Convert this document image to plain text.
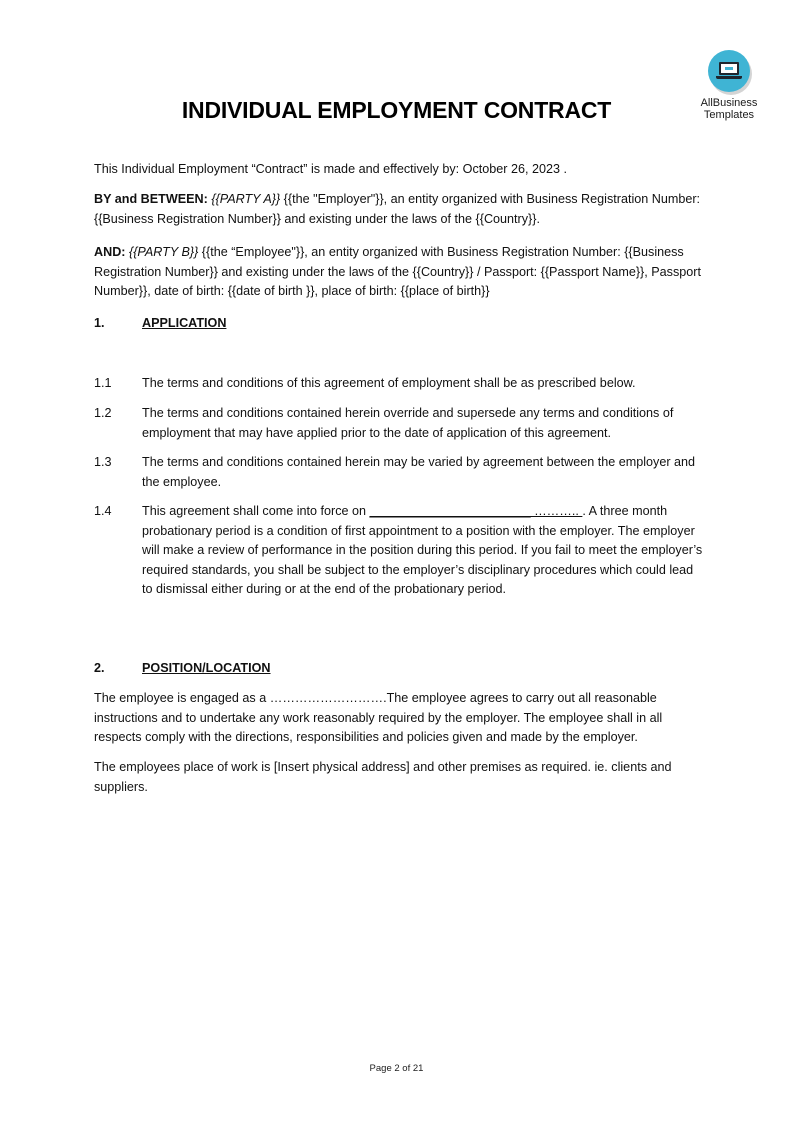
AllBusiness
Templates
INDIVIDUAL EMPLOYMENT CONTRACT
This Individual Employment “Contract” is made and effectively by: October 26, 2023 .
BY and BETWEEN: {{PARTY A}} {{the "Employer"}}, an entity organized with Business Registration Number: {{Business Registration Number}} and existing under the laws of the {{Country}}.
AND: {{PARTY B}} {{the “Employee"}}, an entity organized with Business Registration Number: {{Business Registration Number}} and existing under the laws of the {{Country}} / Passport: {{Passport Name}}, Passport Number}}, date of birth: {{date of birth }}, place of birth: {{place of birth}}
1.	APPLICATION
1.1 The terms and conditions of this agreement of employment shall be as prescribed below.
1.2 The terms and conditions contained herein override and supersede any terms and conditions of employment that may have applied prior to the date of application of this agreement.
1.3 The terms and conditions contained herein may be varied by agreement between the employer and the employee.
1.4 This agreement shall come into force on _______________________ ……….. . A three month probationary period is a condition of first appointment to a position with the employer. The employer will make a review of performance in the position during this period. If you fail to meet the employer’s required standards, you shall be subject to the employer’s disciplinary procedures which could lead to dismissal either during or at the end of the probationary period.
2.	POSITION/LOCATION
The employee is engaged as a ……………………….The employee agrees to carry out all reasonable instructions and to undertake any work reasonably required by the employer. The employee shall in all respects comply with the directions, responsibilities and policies given and made by the employer.
The employees place of work is [Insert physical address] and other premises as required. ie. clients and suppliers.
Page 2 of 21
